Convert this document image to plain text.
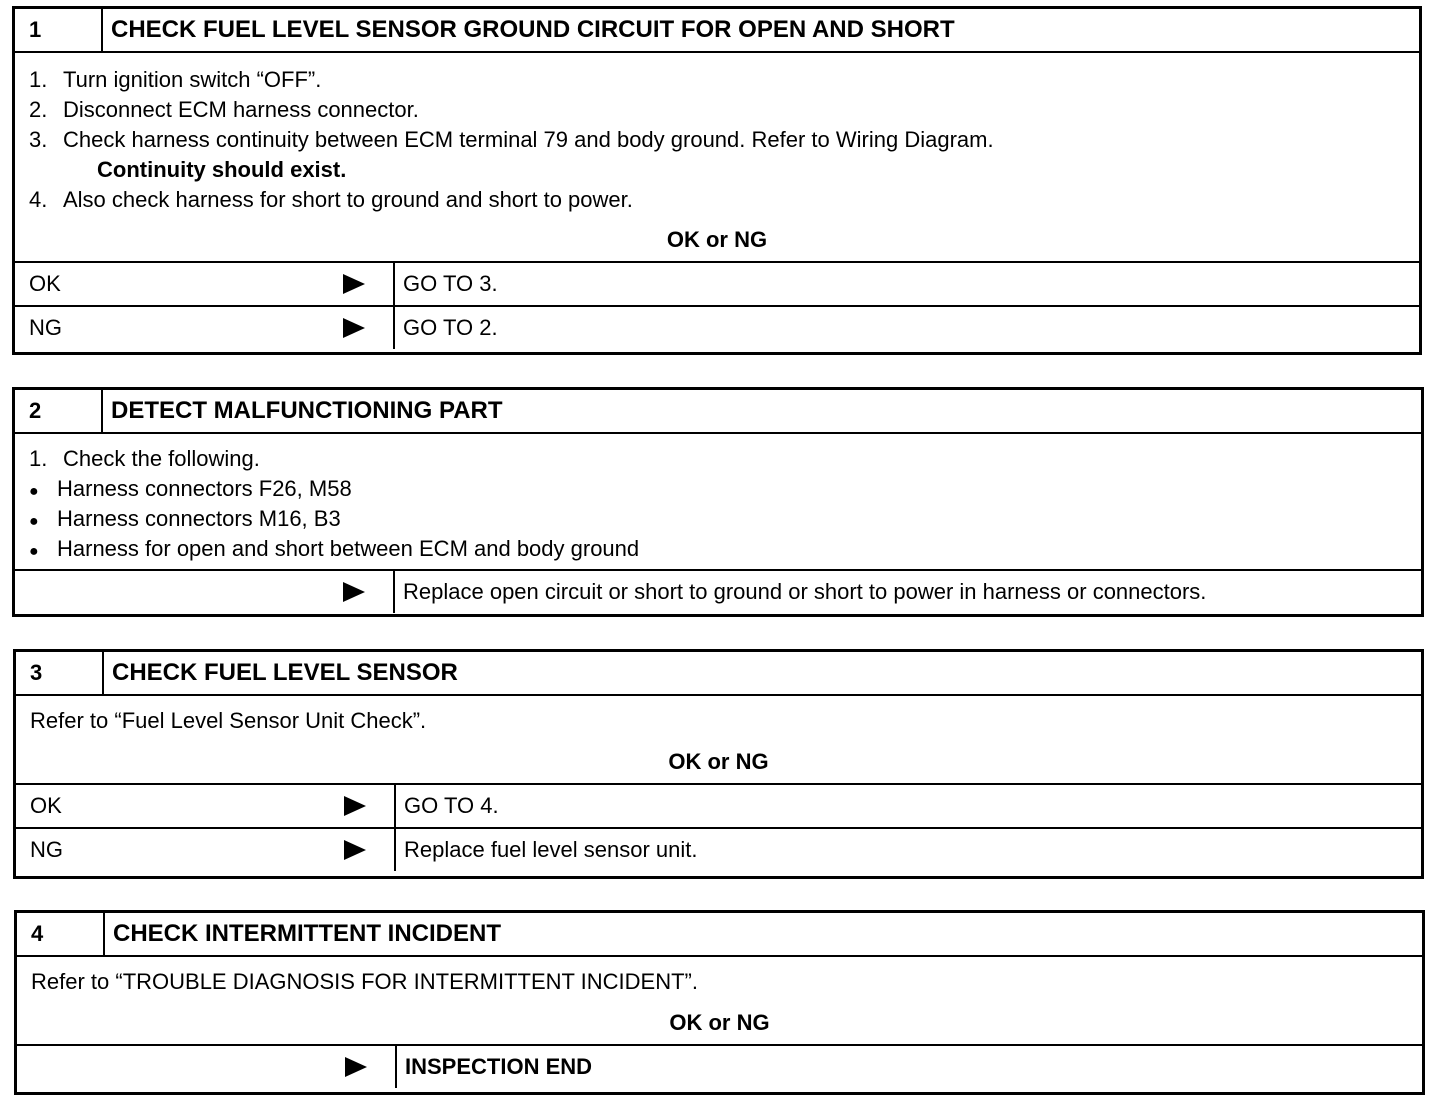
1	CHECK FUEL LEVEL SENSOR GROUND CIRCUIT FOR OPEN AND SHORT
1. Turn ignition switch “OFF”.
2. Disconnect ECM harness connector.
3. Check harness continuity between ECM terminal 79 and body ground. Refer to Wiring Diagram.
Continuity should exist.
4. Also check harness for short to ground and short to power.
OK or NG
OK	GO TO 3.
NG	GO TO 2.
2	DETECT MALFUNCTIONING PART
1. Check the following.
● Harness connectors F26, M58
● Harness connectors M16, B3
● Harness for open and short between ECM and body ground
Replace open circuit or short to ground or short to power in harness or connectors.
3	CHECK FUEL LEVEL SENSOR
Refer to “Fuel Level Sensor Unit Check”.
OK or NG
OK	GO TO 4.
NG	Replace fuel level sensor unit.
4	CHECK INTERMITTENT INCIDENT
Refer to “TROUBLE DIAGNOSIS FOR INTERMITTENT INCIDENT”.
OK or NG
INSPECTION END
